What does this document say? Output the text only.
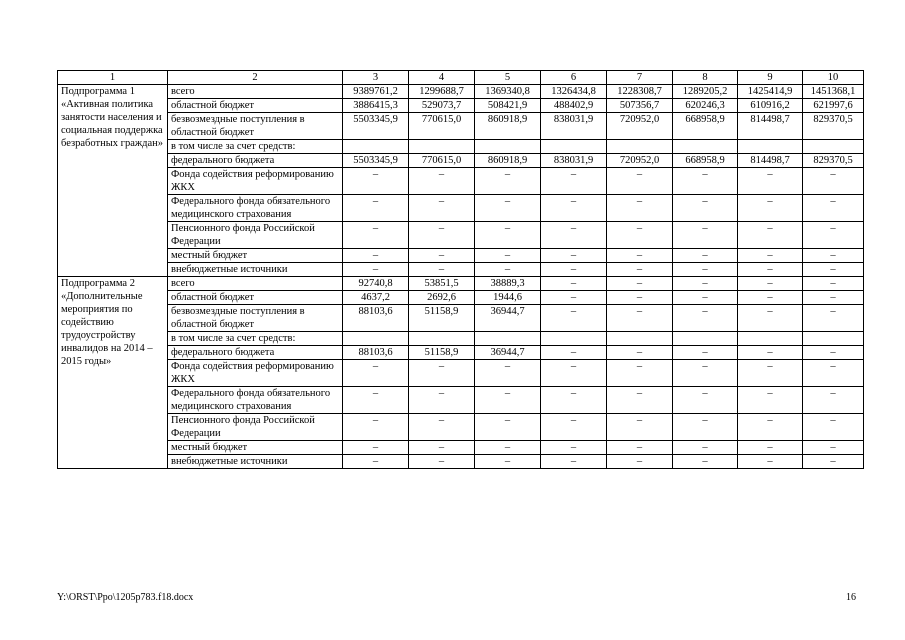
1	2	3	4	5	6	7	8	9	10
Подпрограмма 1 «Активная политика занятости населения и социальная поддержка безработных граждан»	всего	9389761,2	1299688,7	1369340,8	1326434,8	1228308,7	1289205,2	1425414,9	1451368,1
	областной бюджет	3886415,3	529073,7	508421,9	488402,9	507356,7	620246,3	610916,2	621997,6
	безвозмездные поступления в областной бюджет	5503345,9	770615,0	860918,9	838031,9	720952,0	668958,9	814498,7	829370,5
	в том числе за счет средств:								
	федерального бюджета	5503345,9	770615,0	860918,9	838031,9	720952,0	668958,9	814498,7	829370,5
	Фонда содействия реформированию ЖКХ	–	–	–	–	–	–	–	–
	Федерального фонда обязательного медицинского страхования	–	–	–	–	–	–	–	–
	Пенсионного фонда Российской Федерации	–	–	–	–	–	–	–	–
	местный бюджет	–	–	–	–	–	–	–	–
	внебюджетные источники	–	–	–	–	–	–	–	–
Подпрограмма 2 «Дополнительные мероприятия по содействию трудоустройству инвалидов на 2014 – 2015 годы»	всего	92740,8	53851,5	38889,3	–	–	–	–	–
	областной бюджет	4637,2	2692,6	1944,6	–	–	–	–	–
	безвозмездные поступления в областной бюджет	88103,6	51158,9	36944,7	–	–	–	–	–
	в том числе за счет средств:								
	федерального бюджета	88103,6	51158,9	36944,7	–	–	–	–	–
	Фонда содействия реформированию ЖКХ	–	–	–	–	–	–	–	–
	Федерального фонда обязательного медицинского страхования	–	–	–	–	–	–	–	–
	Пенсионного фонда Российской Федерации	–	–	–	–	–	–	–	–
	местный бюджет	–	–	–	–	–	–	–	–
	внебюджетные источники	–	–	–	–	–	–	–	–
Y:\ORST\Ppo\1205p783.f18.docx	16
